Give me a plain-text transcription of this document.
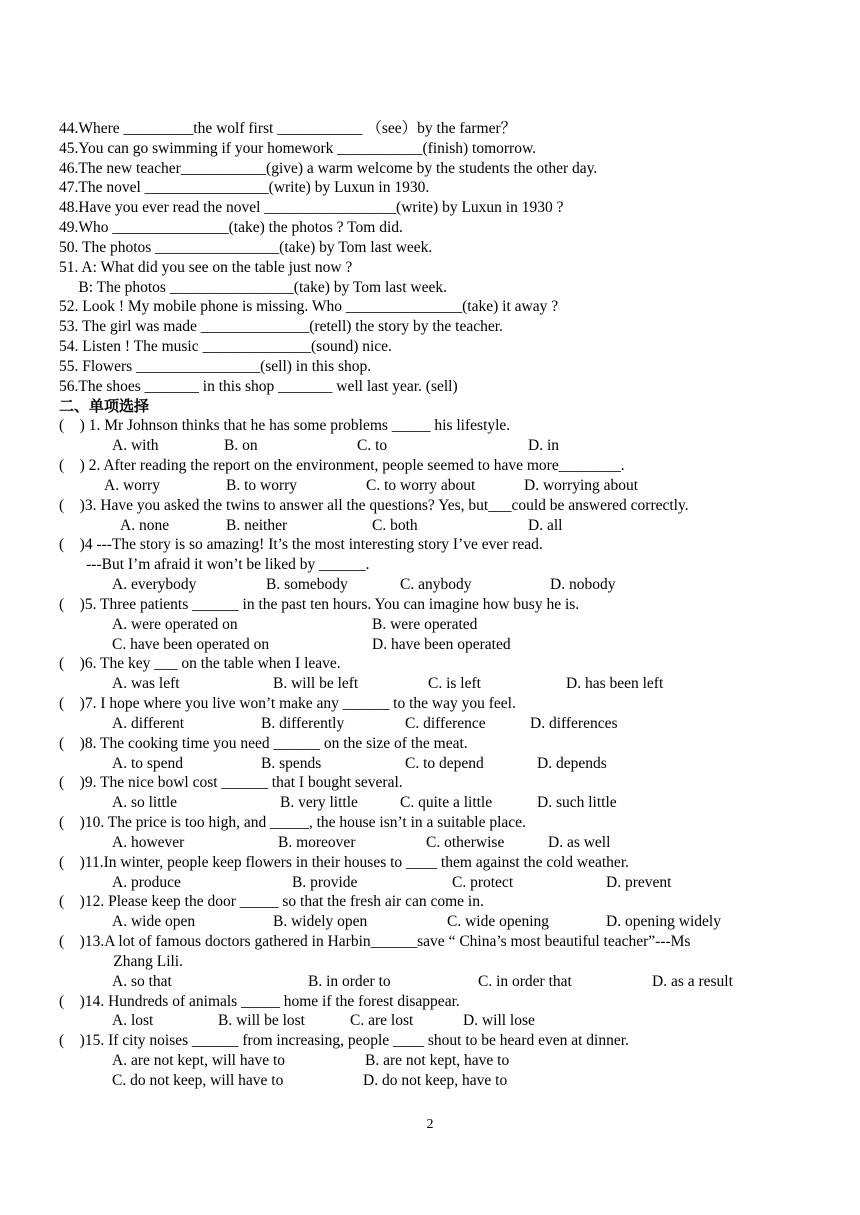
44.Where _________the wolf first ___________ （see）by the farmer？
45.You can go swimming if your homework ___________(finish) tomorrow.
46.The new teacher___________(give) a warm welcome by the students the other day.
47.The novel ________________(write) by Luxun in 1930.
48.Have you ever read the novel _________________(write) by Luxun in 1930 ?
49.Who _______________(take) the photos ? Tom did.
50. The photos ________________(take) by Tom last week.
51. A: What did you see on the table just now ?
B: The photos ________________(take) by Tom last week.
52. Look ! My mobile phone is missing. Who _______________(take) it away ?
53. The girl was made ______________(retell) the story by the teacher.
54. Listen ! The music ______________(sound) nice.
55. Flowers ________________(sell) in this shop.
56.The shoes _______ in this shop _______ well last year. (sell)
二、单项选择
(    ) 1. Mr Johnson thinks that he has some problems _____ his lifestyle.
A. with	B. on	C. to	D. in
(    ) 2. After reading the report on the environment, people seemed to have more________.
A. worry	B. to worry	C. to worry about	D. worrying about
(    )3. Have you asked the twins to answer all the questions? Yes, but___could be answered correctly.
A. none	B. neither	C. both	D. all
(    )4 ---The story is so amazing! It’s the most interesting story I’ve ever read.
---But I’m afraid it won’t be liked by ______.
A. everybody	B. somebody	C. anybody	D. nobody
(    )5. Three patients ______ in the past ten hours. You can imagine how busy he is.
A. were operated on	B. were operated
C. have been operated on	D. have been operated
(    )6. The key ___ on the table when I leave.
A. was left	B. will be left	C. is left	D. has been left
(    )7. I hope where you live won’t make any ______ to the way you feel.
A. different	B. differently	C. difference	D. differences
(    )8. The cooking time you need ______ on the size of the meat.
A. to spend	B. spends	C. to depend	D. depends
(    )9. The nice bowl cost ______ that I bought several.
A. so little	B. very little	C. quite a little	D. such little
(    )10. The price is too high, and _____, the house isn’t in a suitable place.
A. however	B. moreover	C. otherwise	D. as well
(    )11.In winter, people keep flowers in their houses to ____ them against the cold weather.
A. produce	B. provide	C. protect	D. prevent
(    )12. Please keep the door _____ so that the fresh air can come in.
A. wide open	B. widely open	C. wide opening	D. opening widely
(    )13.A lot of famous doctors gathered in Harbin______save “ China’s most beautiful teacher”---Ms
Zhang Lili.
A. so that	B. in order to	C. in order that	D. as a result
(    )14. Hundreds of animals _____ home if the forest disappear.
A. lost	B. will be lost	C. are lost	D. will lose
(    )15. If city noises ______ from increasing, people ____ shout to be heard even at dinner.
A. are not kept, will have to	B. are not kept, have to
C. do not keep, will have to	D. do not keep, have to
2
